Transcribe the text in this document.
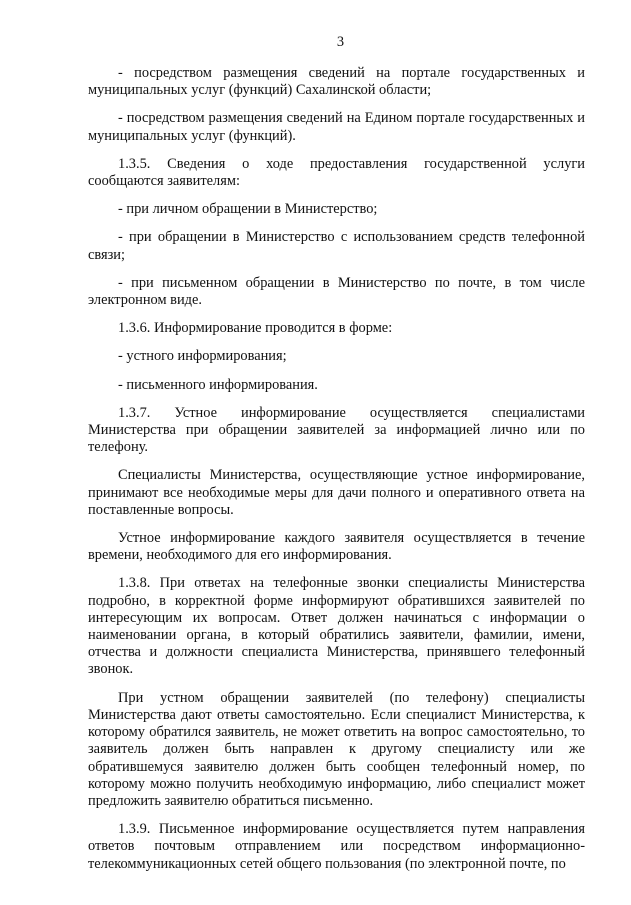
3

- посредством размещения сведений на портале государственных и муниципальных услуг (функций) Сахалинской области;

- посредством размещения сведений на Едином портале государственных и муниципальных услуг (функций).

1.3.5. Сведения о ходе предоставления государственной услуги сообщаются заявителям:

- при личном обращении в Министерство;

- при обращении в Министерство с использованием средств телефонной связи;

- при письменном обращении в Министерство по почте, в том числе электронном виде.

1.3.6. Информирование проводится в форме:

- устного информирования;

- письменного информирования.

1.3.7. Устное информирование осуществляется специалистами Министерства при обращении заявителей за информацией лично или по телефону.

Специалисты Министерства, осуществляющие устное информирование, принимают все необходимые меры для дачи полного и оперативного ответа на поставленные вопросы.

Устное информирование каждого заявителя осуществляется в течение времени, необходимого для его информирования.

1.3.8. При ответах на телефонные звонки специалисты Министерства подробно, в корректной форме информируют обратившихся заявителей по интересующим их вопросам. Ответ должен начинаться с информации о наименовании органа, в который обратились заявители, фамилии, имени, отчества и должности специалиста Министерства, принявшего телефонный звонок.

При устном обращении заявителей (по телефону) специалисты Министерства дают ответы самостоятельно. Если специалист Министерства, к которому обратился заявитель, не может ответить на вопрос самостоятельно, то заявитель должен быть направлен к другому специалисту или же обратившемуся заявителю должен быть сообщен телефонный номер, по которому можно получить необходимую информацию, либо специалист может предложить заявителю обратиться письменно.

1.3.9. Письменное информирование осуществляется путем направления ответов почтовым отправлением или посредством информационно-телекоммуникационных сетей общего пользования (по электронной почте, по
